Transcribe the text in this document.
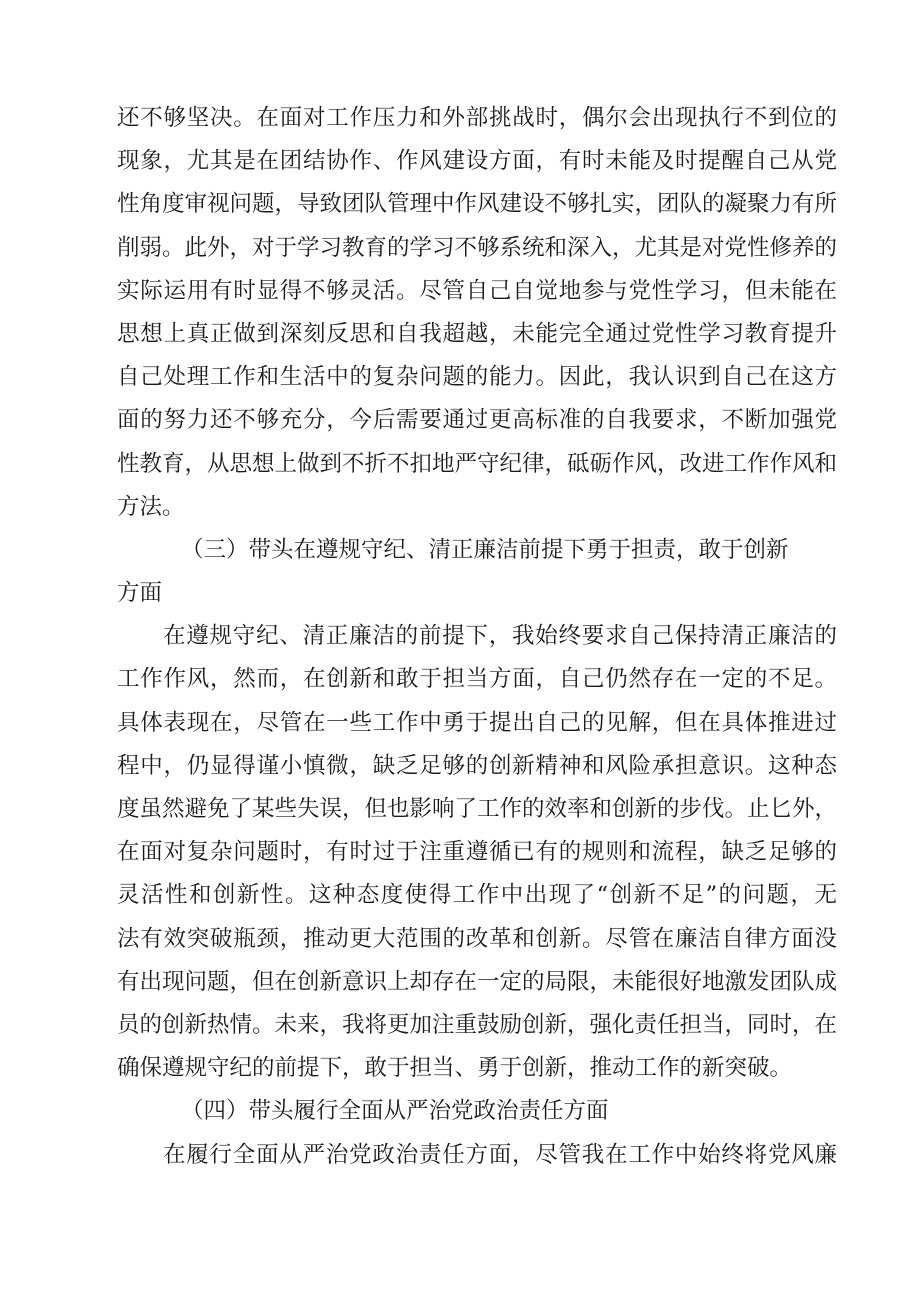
还不够坚决。在面对工作压力和外部挑战时，偶尔会出现执行不到位的
现象，尤其是在团结协作、作风建设方面，有时未能及时提醒自己从党
性角度审视问题，导致团队管理中作风建设不够扎实，团队的凝聚力有所
削弱。此外，对于学习教育的学习不够系统和深入，尤其是对党性修养的
实际运用有时显得不够灵活。尽管自己自觉地参与党性学习，但未能在
思想上真正做到深刻反思和自我超越，未能完全通过党性学习教育提升
自己处理工作和生活中的复杂问题的能力。因此，我认识到自己在这方
面的努力还不够充分，今后需要通过更高标准的自我要求，不断加强党
性教育，从思想上做到不折不扣地严守纪律，砥砺作风，改进工作作风和
方法。
（三）带头在遵规守纪、清正廉洁前提下勇于担责，敢于创新
方面
在遵规守纪、清正廉洁的前提下，我始终要求自己保持清正廉洁的
工作作风，然而，在创新和敢于担当方面，自己仍然存在一定的不足。
具体表现在，尽管在一些工作中勇于提出自己的见解，但在具体推进过
程中，仍显得谨小慎微，缺乏足够的创新精神和风险承担意识。这种态
度虽然避免了某些失误，但也影响了工作的效率和创新的步伐。止匕外，
在面对复杂问题时，有时过于注重遵循已有的规则和流程，缺乏足够的
灵活性和创新性。这种态度使得工作中出现了“创新不足”的问题，无
法有效突破瓶颈，推动更大范围的改革和创新。尽管在廉洁自律方面没
有出现问题，但在创新意识上却存在一定的局限，未能很好地激发团队成
员的创新热情。未来，我将更加注重鼓励创新，强化责任担当，同时，在
确保遵规守纪的前提下，敢于担当、勇于创新，推动工作的新突破。
（四）带头履行全面从严治党政治责任方面
在履行全面从严治党政治责任方面，尽管我在工作中始终将党风廉
